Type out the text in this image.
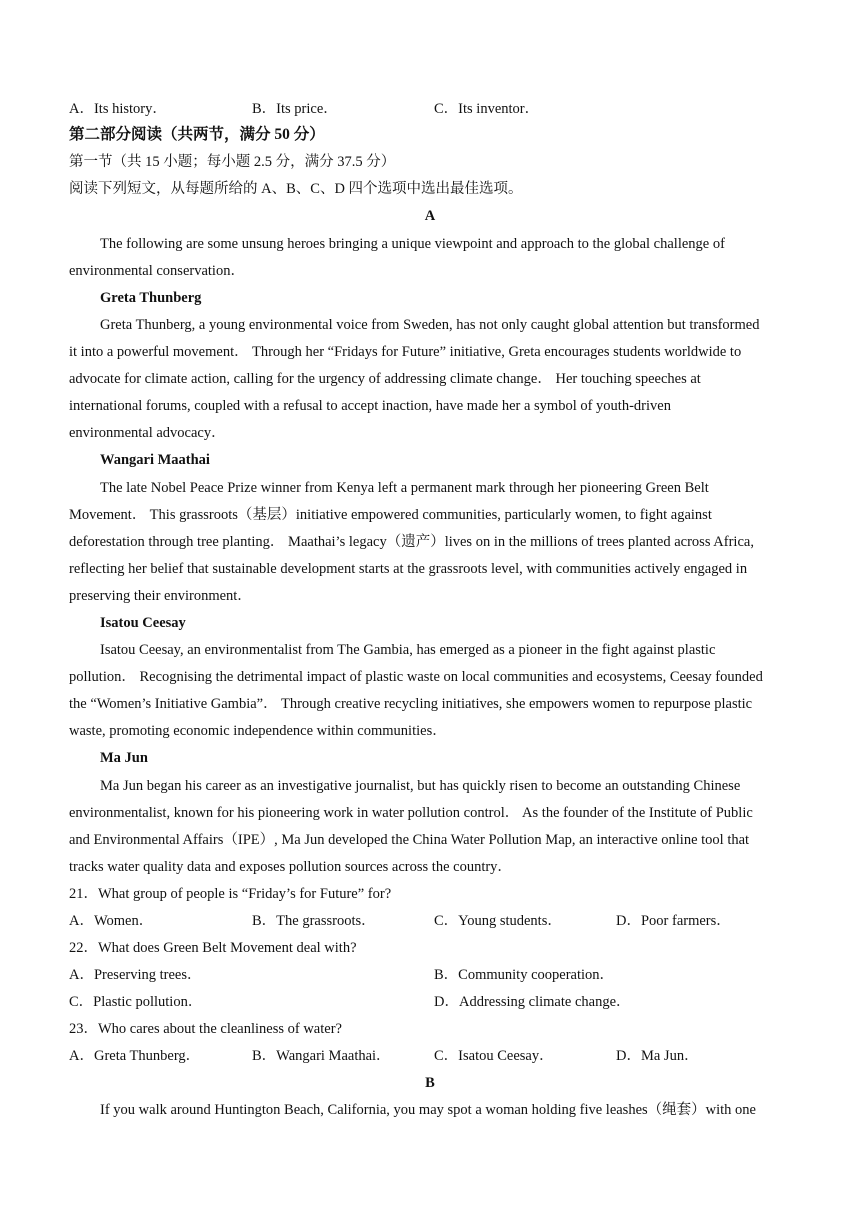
A．Its history．	B．Its price．	C．Its inventor．
第二部分阅读（共两节，满分 50 分）
第一节（共 15 小题；每小题 2.5 分，满分 37.5 分）
阅读下列短文，从每题所给的 A、B、C、D 四个选项中选出最佳选项。
A
The following are some unsung heroes bringing a unique viewpoint and approach to the global challenge of
environmental conservation．
Greta Thunberg
Greta Thunberg, a young environmental voice from Sweden, has not only caught global attention but transformed
it into a powerful movement． Through her “Fridays for Future” initiative, Greta encourages students worldwide to
advocate for climate action, calling for the urgency of addressing climate change． Her touching speeches at
international forums, coupled with a refusal to accept inaction, have made her a symbol of youth-driven
environmental advocacy．
Wangari Maathai
The late Nobel Peace Prize winner from Kenya left a permanent mark through her pioneering Green Belt
Movement． This grassroots（基层）initiative empowered communities, particularly women, to fight against
deforestation through tree planting． Maathai’s legacy（遗产）lives on in the millions of trees planted across Africa,
reflecting her belief that sustainable development starts at the grassroots level, with communities actively engaged in
preserving their environment．
Isatou Ceesay
Isatou Ceesay, an environmentalist from The Gambia, has emerged as a pioneer in the fight against plastic
pollution． Recognising the detrimental impact of plastic waste on local communities and ecosystems, Ceesay founded
the “Women’s Initiative Gambia”． Through creative recycling initiatives, she empowers women to repurpose plastic
waste, promoting economic independence within communities．
Ma Jun
Ma Jun began his career as an investigative journalist, but has quickly risen to become an outstanding Chinese
environmentalist, known for his pioneering work in water pollution control． As the founder of the Institute of Public
and Environmental Affairs（IPE）, Ma Jun developed the China Water Pollution Map, an interactive online tool that
tracks water quality data and exposes pollution sources across the country．
21．What group of people is “Friday’s for Future” for?
A．Women．	B．The grassroots．	C．Young students．	D．Poor farmers．
22．What does Green Belt Movement deal with?
A．Preserving trees．	B．Community cooperation．
C．Plastic pollution．	D．Addressing climate change．
23．Who cares about the cleanliness of water?
A．Greta Thunberg．	B．Wangari Maathai．	C．Isatou Ceesay．	D．Ma Jun．
B
If you walk around Huntington Beach, California, you may spot a woman holding five leashes（绳套）with one
